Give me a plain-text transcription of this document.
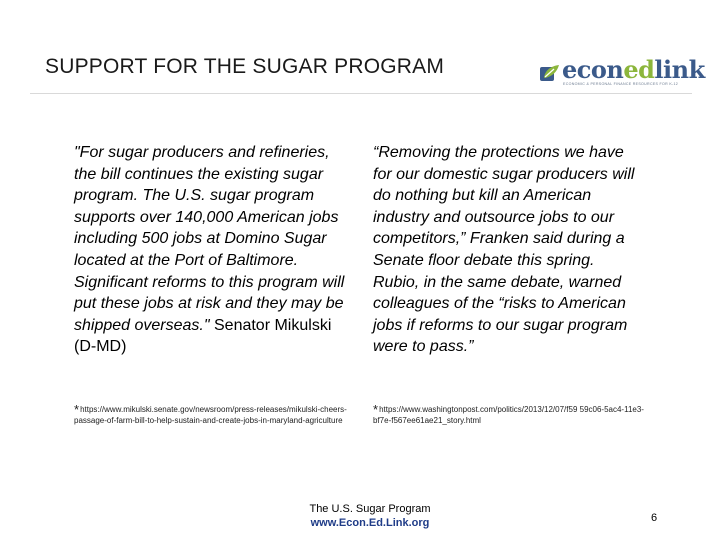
SUPPORT FOR THE SUGAR PROGRAM	econedlink
ECONOMIC & PERSONAL FINANCE RESOURCES FOR K-12
"For sugar producers and refineries, the bill continues the existing sugar program. The U.S. sugar program supports over 140,000 American jobs including 500 jobs at Domino Sugar located at the Port of Baltimore. Significant reforms to this program will put these jobs at risk and they may be shipped overseas." Senator Mikulski (D-MD)
“Removing the protections we have for our domestic sugar producers will do nothing but kill an American industry and outsource jobs to our competitors,” Franken said during a Senate floor debate this spring. Rubio, in the same debate, warned colleagues of the “risks to American jobs if reforms to our sugar program were to pass.”
*https://www.mikulski.senate.gov/newsroom/press-releases/mikulski-cheers-passage-of-farm-bill-to-help-sustain-and-create-jobs-in-maryland-agriculture
*https://www.washingtonpost.com/politics/2013/12/07/f59 59c06-5ac4-11e3-bf7e-f567ee61ae21_story.html
The U.S. Sugar Program
www.Econ.Ed.Link.org	6
